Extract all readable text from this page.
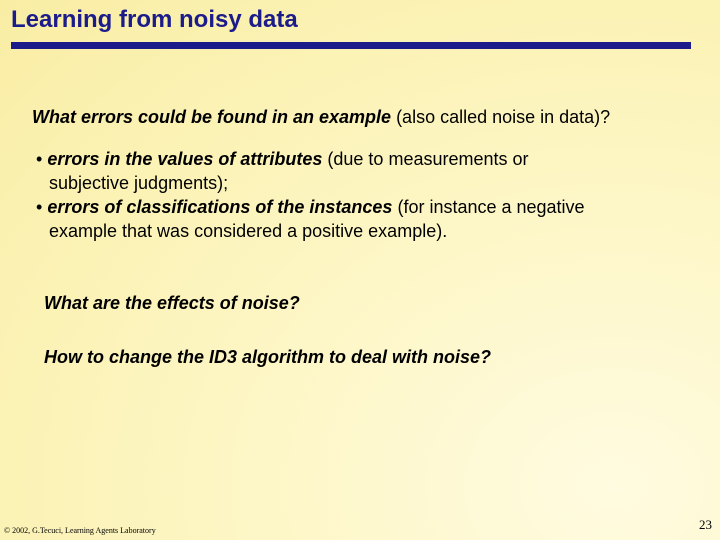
Learning from noisy data
What errors could be found in an example (also called noise in data)?
• errors in the values of attributes (due to measurements or
subjective judgments);
• errors of classifications of the instances (for instance a negative
example that was considered a positive example).
What are the effects of noise?
How to change the ID3 algorithm to deal with noise?
© 2002, G.Tecuci, Learning Agents Laboratory	23
